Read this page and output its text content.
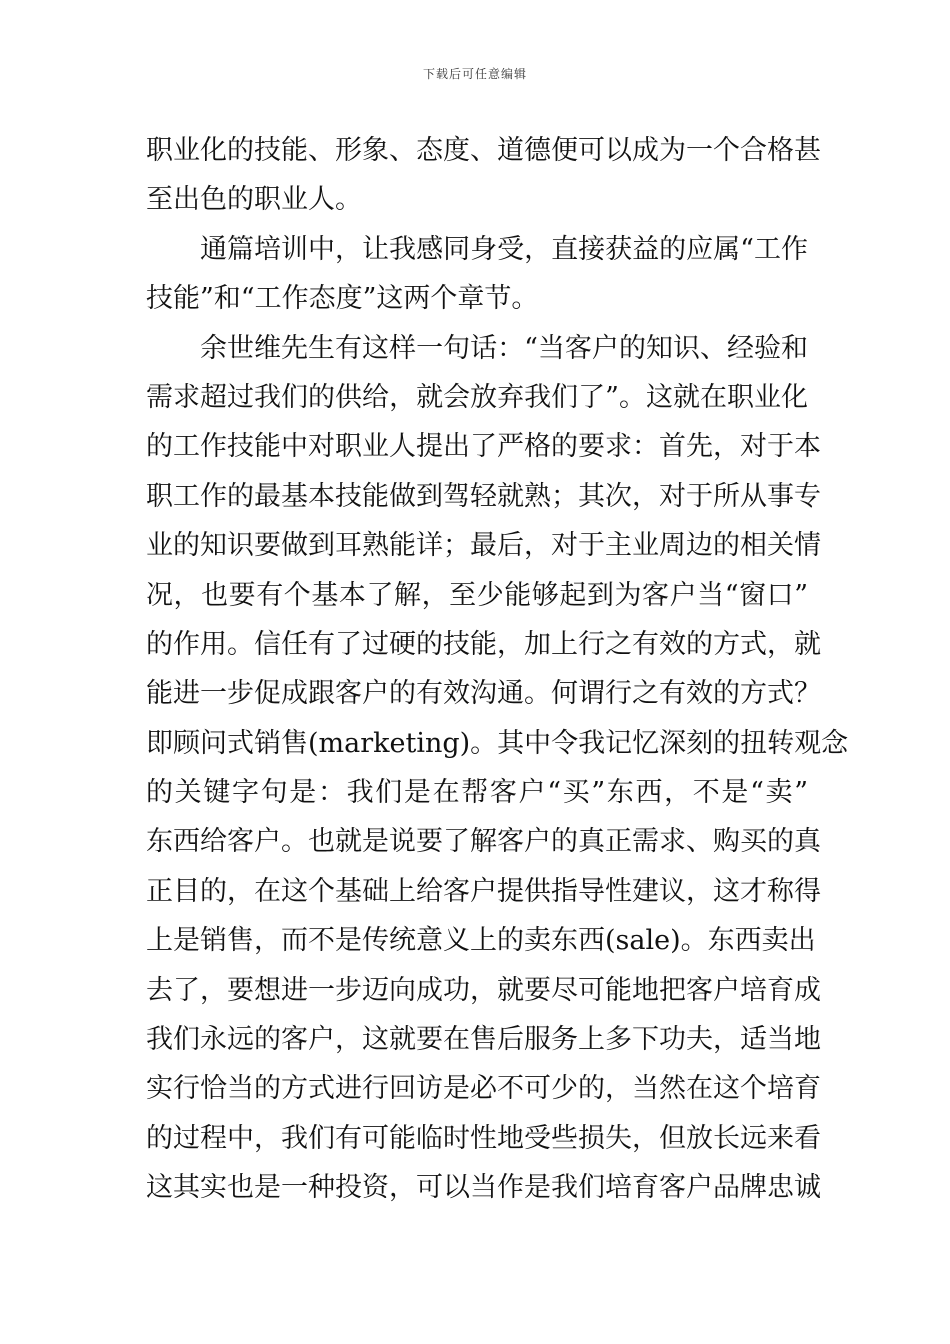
下载后可任意编辑
职业化的技能、形象、态度、道德便可以成为一个合格甚
至出色的职业人。
通篇培训中，让我感同身受，直接获益的应属“工作
技能”和“工作态度”这两个章节。
余世维先生有这样一句话：“当客户的知识、经验和
需求超过我们的供给，就会放弃我们了”。这就在职业化
的工作技能中对职业人提出了严格的要求：首先，对于本
职工作的最基本技能做到驾轻就熟；其次，对于所从事专
业的知识要做到耳熟能详；最后，对于主业周边的相关情
况，也要有个基本了解，至少能够起到为客户当“窗口”
的作用。信任有了过硬的技能，加上行之有效的方式，就
能进一步促成跟客户的有效沟通。何谓行之有效的方式？
即顾问式销售(marketing)。其中令我记忆深刻的扭转观念
的关键字句是：我们是在帮客户“买”东西，不是“卖”
东西给客户。也就是说要了解客户的真正需求、购买的真
正目的，在这个基础上给客户提供指导性建议，这才称得
上是销售，而不是传统意义上的卖东西(sale)。东西卖出
去了，要想进一步迈向成功，就要尽可能地把客户培育成
我们永远的客户，这就要在售后服务上多下功夫，适当地
实行恰当的方式进行回访是必不可少的，当然在这个培育
的过程中，我们有可能临时性地受些损失，但放长远来看
这其实也是一种投资，可以当作是我们培育客户品牌忠诚
